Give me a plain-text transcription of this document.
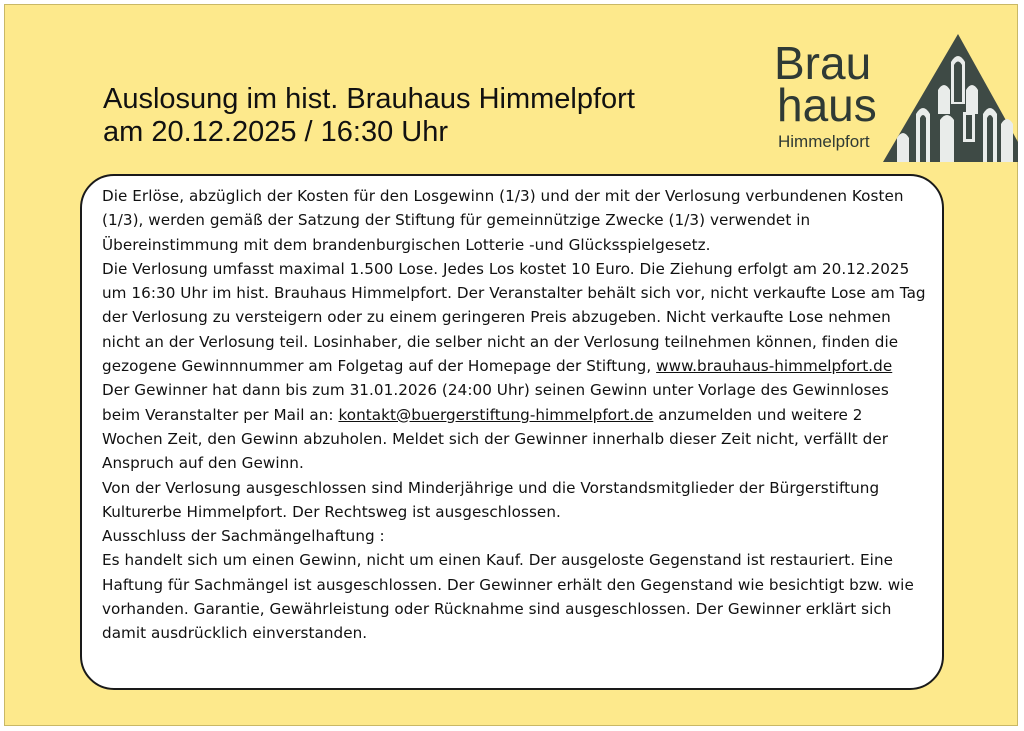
Auslosung im hist. Brauhaus Himmelpfort
am 20.12.2025 / 16:30 Uhr
Brau
haus
Himmelpfort

Die Erlöse, abzüglich der Kosten für den Losgewinn (1/3) und der mit der Verlosung verbundenen Kosten (1/3), werden gemäß der Satzung der Stiftung für gemeinnützige Zwecke (1/3) verwendet in Übereinstimmung mit dem brandenburgischen Lotterie -und Glücksspielgesetz.

Die Verlosung umfasst maximal 1.500 Lose. Jedes Los kostet 10 Euro. Die Ziehung erfolgt am 20.12.2025 um 16:30 Uhr im hist. Brauhaus Himmelpfort. Der Veranstalter behält sich vor, nicht verkaufte Lose am Tag der Verlosung zu versteigern oder zu einem geringeren Preis abzugeben. Nicht verkaufte Lose nehmen nicht an der Verlosung teil. Losinhaber, die selber nicht an der Verlosung teilnehmen können, finden die gezogene Gewinnnummer am Folgetag auf der Homepage der Stiftung, www.brauhaus-himmelpfort.de

Der Gewinner hat dann bis zum 31.01.2026 (24:00 Uhr) seinen Gewinn unter Vorlage des Gewinnloses beim Veranstalter per Mail an: kontakt@buergerstiftung-himmelpfort.de anzumelden und weitere 2 Wochen Zeit, den Gewinn abzuholen. Meldet sich der Gewinner innerhalb dieser Zeit nicht, verfällt der Anspruch auf den Gewinn.

Von der Verlosung ausgeschlossen sind Minderjährige und die Vorstandsmitglieder der Bürgerstiftung Kulturerbe Himmelpfort. Der Rechtsweg ist ausgeschlossen.

Ausschluss der Sachmängelhaftung :

Es handelt sich um einen Gewinn, nicht um einen Kauf. Der ausgeloste Gegenstand ist restauriert. Eine Haftung für Sachmängel ist ausgeschlossen. Der Gewinner erhält den Gegenstand wie besichtigt bzw. wie vorhanden. Garantie, Gewährleistung oder Rücknahme sind ausgeschlossen. Der Gewinner erklärt sich damit ausdrücklich einverstanden.
